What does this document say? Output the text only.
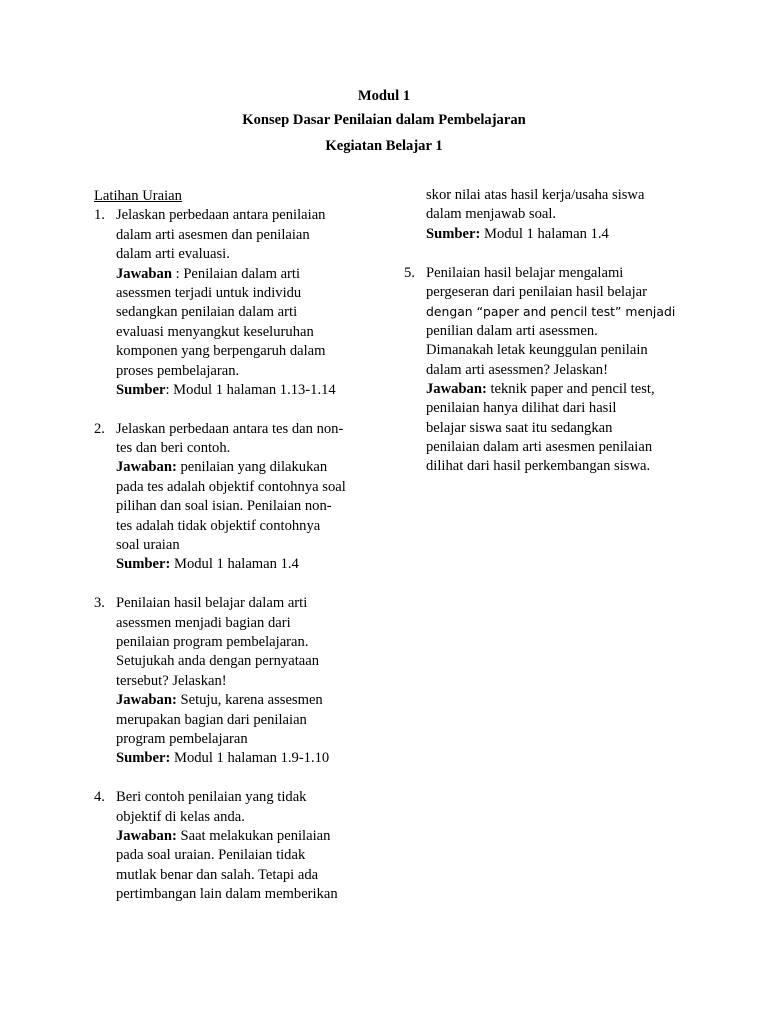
Modul 1
Konsep Dasar Penilaian dalam Pembelajaran
Kegiatan Belajar 1
Latihan Uraian
1. Jelaskan perbedaan antara penilaian
dalam arti asesmen dan penilaian
dalam arti evaluasi.
Jawaban : Penilaian dalam arti
asessmen terjadi untuk individu
sedangkan penilaian dalam arti
evaluasi menyangkut keseluruhan
komponen yang berpengaruh dalam
proses pembelajaran.
Sumber: Modul 1 halaman 1.13-1.14
2. Jelaskan perbedaan antara tes dan non-
tes dan beri contoh.
Jawaban: penilaian yang dilakukan
pada tes adalah objektif contohnya soal
pilihan dan soal isian. Penilaian non-
tes adalah tidak objektif contohnya
soal uraian
Sumber: Modul 1 halaman 1.4
3. Penilaian hasil belajar dalam arti
asessmen menjadi bagian dari
penilaian program pembelajaran.
Setujukah anda dengan pernyataan
tersebut? Jelaskan!
Jawaban: Setuju, karena assesmen
merupakan bagian dari penilaian
program pembelajaran
Sumber: Modul 1 halaman 1.9-1.10
4. Beri contoh penilaian yang tidak
objektif di kelas anda.
Jawaban: Saat melakukan penilaian
pada soal uraian. Penilaian tidak
mutlak benar dan salah. Tetapi ada
pertimbangan lain dalam memberikan
skor nilai atas hasil kerja/usaha siswa
dalam menjawab soal.
Sumber: Modul 1 halaman 1.4
5. Penilaian hasil belajar mengalami
pergeseran dari penilaian hasil belajar
dengan “paper and pencil test” menjadi
penilian dalam arti asessmen.
Dimanakah letak keunggulan penilain
dalam arti asessmen? Jelaskan!
Jawaban: teknik paper and pencil test,
penilaian hanya dilihat dari hasil
belajar siswa saat itu sedangkan
penilaian dalam arti asesmen penilaian
dilihat dari hasil perkembangan siswa.
